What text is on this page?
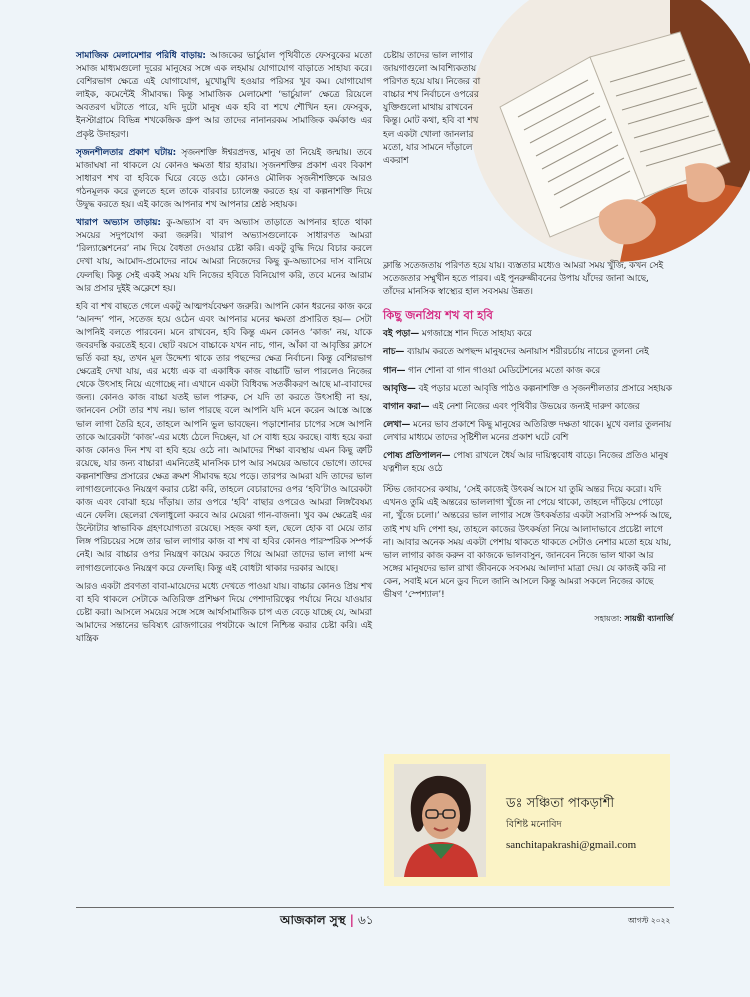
সামাজিক মেলামেশার পরিধি বাড়ায়: আজকের ভার্চুয়াল পৃথিবীতে ফেসবুকের মতো সমাজ মাধ্যমগুলো দূরের মানুষের সঙ্গে এক লহমায় যোগাযোগ বাড়াতে সাহায্য করে। বেশিরভাগ ক্ষেত্রে এই যোগাযোগ, মুখোমুখি হওয়ার পরিসর খুব কম। যোগাযোগ লাইক, কমেন্টেই সীমাবদ্ধ। কিন্তু সামাজিক মেলামেশা ‘ভার্চুয়াল’ ক্ষেত্রে রিয়েলে অবতরণ ঘটাতে পারে, যদি দুটো মানুষ এক হবি বা শখে শৌখিন হন। ফেসবুক, ইনস্টাগ্রামে বিভিন্ন শখকেন্দ্রিক গ্রুপ আর তাদের নানানরকম সামাজিক কর্মকাণ্ড এর প্রকৃষ্ট উদাহরণ।

সৃজনশীলতার প্রকাশ ঘটায়: সৃজনশক্তি ঈশ্বরপ্রদত্ত, মানুষ তা নিয়েই জন্মায়। তবে মাজাঘষা না থাকলে যে কোনও ক্ষমতা ধার হারায়। সৃজনশক্তির প্রকাশ এবং বিকাশ সাধারণ শখ বা হবিকে ঘিরে বেড়ে ওঠে। কোনও মৌলিক সৃজনীশক্তিকে আরও গঠনমূলক করে তুলতে হলে তাকে বারবার চ্যালেঞ্জ করতে হয় বা কল্পনাশক্তি দিয়ে উদ্বুদ্ধ করতে হয়। এই কাজে আপনার শখ আপনার শ্রেষ্ঠ সহায়ক।

খারাপ অভ্যাস তাড়ায়: কু-অভ্যাস বা বদ অভ্যাস তাড়াতে আপনার হাতে থাকা সময়ের সদুপযোগ করা জরুরি। খারাপ অভ্যাসগুলোকে সাধারণত আমরা ‘রিল্যাক্সেশনের’ নাম দিয়ে বৈধতা দেওয়ার চেষ্টা করি। একটু বুদ্ধি দিয়ে বিচার করলে দেখা যায়, আমোদ-প্রমোদের নামে আমরা নিজেদের কিছু কু-অভ্যাসের দাস বানিয়ে ফেলছি। কিন্তু সেই একই সময় যদি নিজের হবিতে বিনিয়োগ করি, তবে মনের আরাম আর প্রসার দুইই অক্লেশে হয়।

হবি বা শখ বাছতে গেলে একটু আত্মপর্যবেক্ষণ জরুরি। আপনি কোন ধরনের কাজ করে ‘আনন্দ’ পান, সতেজ হয়ে ওঠেন এবং আপনার মনের ক্ষমতা প্রসারিত হয়— সেটা আপনিই বলতে পারবেন। মনে রাখবেন, হবি কিন্তু এমন কোনও ‘কাজ’ নয়, যাকে জবরদস্তি করতেই হবে। ছোট বয়সে বাচ্চাকে যখন নাচ, গান, আঁকা বা আবৃত্তির ক্লাসে ভর্তি করা হয়, তখন মূল উদ্দেশ্য থাকে তার পছন্দের ক্ষেত্র নির্বাচন। কিন্তু বেশিরভাগ ক্ষেত্রেই দেখা যায়, এর মধ্যে এক বা একাধিক কাজ বাচ্চাটি ভাল পারলেও নিজের থেকে উৎসাহ নিয়ে এগোচ্ছে না। এখানে একটা বিধিবদ্ধ সতর্কীকরণ আছে মা-বাবাদের জন্য। কোনও কাজ বাচ্চা যতই ভাল পারুক, সে যদি তা করতে উৎসাহী না হয়, জানবেন সেটা তার শখ নয়। ভাল পারছে বলে আপনি যদি মনে করেন আস্তে আস্তে ভাল লাগা তৈরি হবে, তাহলে আপনি ভুল ভাবছেন। পড়াশোনার চাপের সঙ্গে আপনি তাকে আরেকটা ‘কাজ’-এর মধ্যে ঠেলে দিচ্ছেন, যা সে বাধ্য হয়ে করছে। বাধ্য হয়ে করা কাজ কোনও দিন শখ বা হবি হয়ে ওঠে না। আমাদের শিক্ষা ব্যবস্থায় এমন কিছু ত্রুটি রয়েছে, যার জন্য বাচ্চারা এমনিতেই মানসিক চাপ আর সময়ের অভাবে ভোগে। তাদের কল্পনাশক্তির প্রসারের ক্ষেত্র ক্রমশ সীমাবদ্ধ হয়ে পড়ে। তারপর আমরা যদি তাদের ভাল লাগাগুলোকেও নিয়ন্ত্রণ করার চেষ্টা করি, তাহলে বেচারাদের ওপর ‘হবি’টাও আরেকটা কাজ এবং বোঝা হয়ে দাঁড়ায়। তার ওপরে ‘হবি’ বাছার ওপরেও আমরা লিঙ্গবৈষম্য এনে ফেলি। ছেলেরা খেলাধুলো করবে আর মেয়েরা গান-বাজনা। খুব কম ক্ষেত্রেই এর উল্টোটার স্বাভাবিক গ্রহণযোগ্যতা রয়েছে। সহজ কথা হল, ছেলে হোক বা মেয়ে তার লিঙ্গ পরিচয়ের সঙ্গে তার ভাল লাগার কাজ বা শখ বা হবির কোনও পারস্পরিক সম্পর্ক নেই। আর বাচ্চার ওপর নিয়ন্ত্রণ কায়েম করতে গিয়ে আমরা তাদের ভাল লাগা মন্দ লাগাগুলোকেও নিয়ন্ত্রণ করে ফেলছি। কিন্তু এই বোধটা থাকার দরকার আছে।

আরও একটা প্রবণতা বাবা-মায়েদের মধ্যে দেখতে পাওয়া যায়। বাচ্চার কোনও প্রিয় শখ বা হবি থাকলে সেটাকে অতিরিক্ত প্রশিক্ষণ দিয়ে পেশাদারিত্বের পর্যায়ে নিয়ে যাওয়ার চেষ্টা করা। আসলে সময়ের সঙ্গে সঙ্গে আর্থসামাজিক চাপ এত বেড়ে যাচ্ছে যে, আমরা আমাদের সন্তানের ভবিষ্যৎ রোজগারের পথটাকে আগে নিশ্চিন্ত করার চেষ্টা করি। এই যান্ত্রিক

চেষ্টায় তাদের ভাল লাগার জায়গাগুলো আবশ্যিকতায় পরিণত হয়ে যায়। নিজের বা বাচ্চার শখ নির্বাচনে ওপরের যুক্তিগুলো মাথায় রাখবেন কিন্তু। মোট কথা, হবি বা শখ হল একটা খোলা জানলার মতো, যার সামনে দাঁড়ালে একরাশ

ক্লান্তি সতেজতায় পরিণত হয়ে যায়। ব্যস্ততার মধ্যেও আমরা সময় খুঁজি, কখন সেই সতেজতার সম্মুখীন হতে পারব। এই পুনরুজ্জীবনের উপায় যাঁদের জানা আছে, তাঁদের মানসিক স্বাস্থ্যের হাল সবসময় উন্নত।

কিছু জনপ্রিয় শখ বা হবি

বই পড়া— মগজাস্ত্রে শান দিতে সাহায্য করে

নাচ— ব্যায়াম করতে অপছন্দ মানুষদের অনায়াস শরীরচর্চায় নাচের তুলনা নেই

গান— গান শোনা বা গান গাওয়া মেডিটেশনের মতো কাজ করে

আবৃত্তি— বই পড়ার মতো আবৃত্তি পাঠও কল্পনাশক্তি ও সৃজনশীলতার প্রসারে সহায়ক

বাগান করা— এই নেশা নিজের এবং পৃথিবীর উভয়ের জন্যই দারুণ কাজের

লেখা— মনের ভাব প্রকাশে কিছু মানুষের অতিরিক্ত দক্ষতা থাকে। মুখে বলার তুলনায় লেখার মাধ্যমে তাদের সৃষ্টিশীল মনের প্রকাশ ঘটে বেশি

পোষ্য প্রতিপালন— পোষ্য রাখলে ধৈর্য আর দায়িত্ববোধ বাড়ে। নিজের প্রতিও মানুষ যত্নশীল হয়ে ওঠে

স্টিভ জোবসের কথায়, ‘সেই কাজেই উৎকর্ষ আসে যা তুমি অন্তর দিয়ে করো। যদি এখনও তুমি এই অন্তরের ভাললাগা খুঁজে না পেয়ে থাকো, তাহলে দাঁড়িয়ে পোড়ো না, খুঁজে চলো।’ অন্তরের ভাল লাগার সঙ্গে উৎকর্ষতার একটা সরাসরি সম্পর্ক আছে, তাই শখ যদি পেশা হয়, তাহলে কাজের উৎকর্ষতা নিয়ে আলাদাভাবে প্রচেষ্টা লাগে না। আবার অনেক সময় একটা পেশায় থাকতে থাকতে সেটাও নেশার মতো হয়ে যায়, ভাল লাগার কাজ করুন বা কাজকে ভালবাসুন, জানবেন নিজে ভাল থাকা আর সঙ্গের মানুষদের ভাল রাখা জীবনকে সবসময় আলাদা মাত্রা দেয়। যে কাজই করি না কেন, সবাই মনে মনে ডুব দিলে জানি আসলে কিন্তু আমরা সকলে নিজের কাছে ভীষণ ‘স্পেশ্যাল’!

সহায়তা: সায়ন্তী ব্যানার্জি
ডঃ সঞ্চিতা পাকড়াশী
বিশিষ্ট মনোবিদ
sanchitapakrashi@gmail.com
আজকাল সুস্থ | ৬১	আগস্ট ২০২২
